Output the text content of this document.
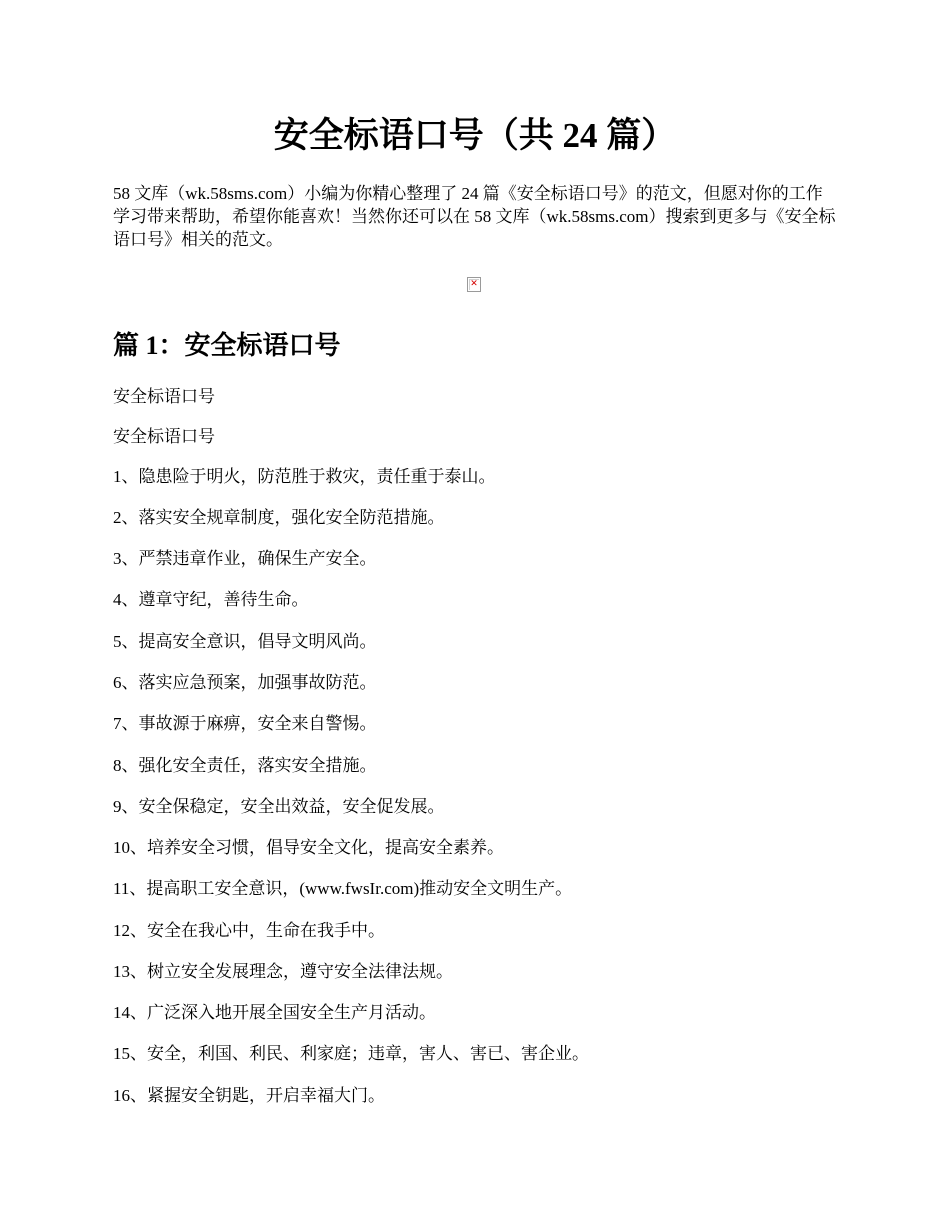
安全标语口号（共 24 篇）

58 文库（wk.58sms.com）小编为你精心整理了 24 篇《安全标语口号》的范文，但愿对你的工作学习带来帮助，希望你能喜欢！当然你还可以在 58 文库（wk.58sms.com）搜索到更多与《安全标语口号》相关的范文。

✕
篇 1：安全标语口号

安全标语口号

安全标语口号

1、隐患险于明火，防范胜于救灾，责任重于泰山。

2、落实安全规章制度，强化安全防范措施。

3、严禁违章作业，确保生产安全。

4、遵章守纪，善待生命。

5、提高安全意识，倡导文明风尚。

6、落实应急预案，加强事故防范。

7、事故源于麻痹，安全来自警惕。

8、强化安全责任，落实安全措施。

9、安全保稳定，安全出效益，安全促发展。

10、培养安全习惯，倡导安全文化，提高安全素养。

11、提高职工安全意识，(www.fwsIr.com)推动安全文明生产。

12、安全在我心中，生命在我手中。

13、树立安全发展理念，遵守安全法律法规。

14、广泛深入地开展全国安全生产月活动。

15、安全，利国、利民、利家庭；违章，害人、害已、害企业。

16、紧握安全钥匙，开启幸福大门。
